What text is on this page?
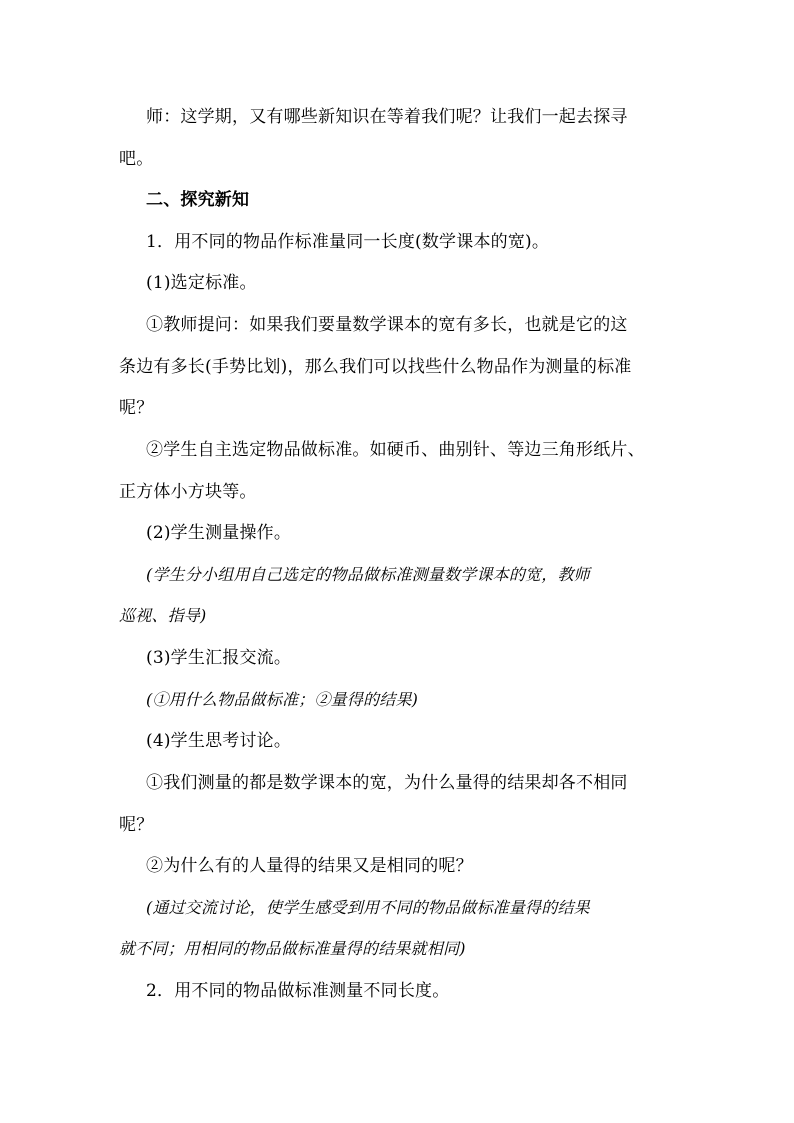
师：这学期，又有哪些新知识在等着我们呢？让我们一起去探寻
吧。
二、探究新知
1．用不同的物品作标准量同一长度(数学课本的宽)。
(1)选定标准。
①教师提问：如果我们要量数学课本的宽有多长，也就是它的这
条边有多长(手势比划)，那么我们可以找些什么物品作为测量的标准
呢？
②学生自主选定物品做标准。如硬币、曲别针、等边三角形纸片、
正方体小方块等。
(2)学生测量操作。
(学生分小组用自己选定的物品做标准测量数学课本的宽，教师
巡视、指导)
(3)学生汇报交流。
(①用什么物品做标准；②量得的结果)
(4)学生思考讨论。
①我们测量的都是数学课本的宽，为什么量得的结果却各不相同
呢？
②为什么有的人量得的结果又是相同的呢？
(通过交流讨论，使学生感受到用不同的物品做标准量得的结果
就不同；用相同的物品做标准量得的结果就相同)
2．用不同的物品做标准测量不同长度。
